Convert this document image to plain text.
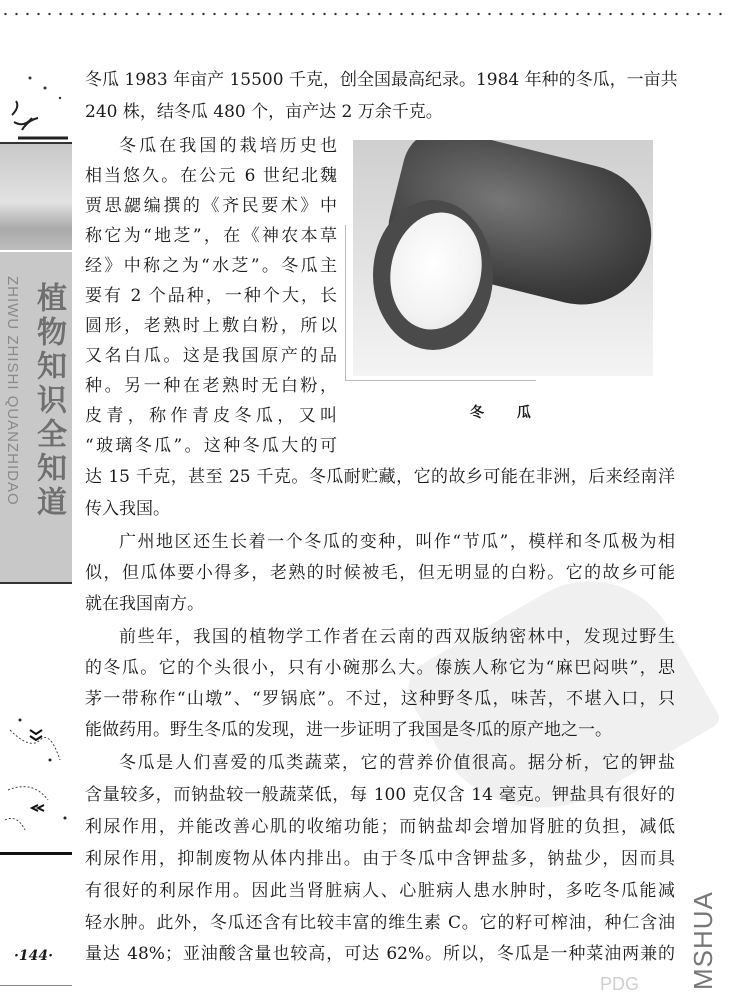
植物知识全知道
ZHIWU ZHISHI QUANZHIDAO
·144·
PDG
冬 瓜
冬瓜 1983 年亩产 15500 千克，创全国最高纪录。1984 年种的冬瓜，一亩共
240 株，结冬瓜 480 个，亩产达 2 万余千克。
冬瓜在我国的栽培历史也
相当悠久。在公元 6 世纪北魏
贾思勰编撰的《齐民要术》中
称它为“地芝”，在《神农本草
经》中称之为“水芝”。冬瓜主
要有 2 个品种，一种个大，长
圆形，老熟时上敷白粉，所以
又名白瓜。这是我国原产的品
种。另一种在老熟时无白粉，
皮青，称作青皮冬瓜，又叫
“玻璃冬瓜”。这种冬瓜大的可
达 15 千克，甚至 25 千克。冬瓜耐贮藏，它的故乡可能在非洲，后来经南洋
传入我国。
广州地区还生长着一个冬瓜的变种，叫作“节瓜”，模样和冬瓜极为相
似，但瓜体要小得多，老熟的时候被毛，但无明显的白粉。它的故乡可能
就在我国南方。
前些年，我国的植物学工作者在云南的西双版纳密林中，发现过野生
的冬瓜。它的个头很小，只有小碗那么大。傣族人称它为“麻巴闷哄”，思
茅一带称作“山墩”、“罗锅底”。不过，这种野冬瓜，味苦，不堪入口，只
能做药用。野生冬瓜的发现，进一步证明了我国是冬瓜的原产地之一。
冬瓜是人们喜爱的瓜类蔬菜，它的营养价值很高。据分析，它的钾盐
含量较多，而钠盐较一般蔬菜低，每 100 克仅含 14 毫克。钾盐具有很好的
利尿作用，并能改善心肌的收缩功能；而钠盐却会增加肾脏的负担，减低
利尿作用，抑制废物从体内排出。由于冬瓜中含钾盐多，钠盐少，因而具
有很好的利尿作用。因此当肾脏病人、心脏病人患水肿时，多吃冬瓜能减
轻水肿。此外，冬瓜还含有比较丰富的维生素 C。它的籽可榨油，种仁含油
量达 48%；亚油酸含量也较高，可达 62%。所以，冬瓜是一种菜油两兼的 MSHUA
